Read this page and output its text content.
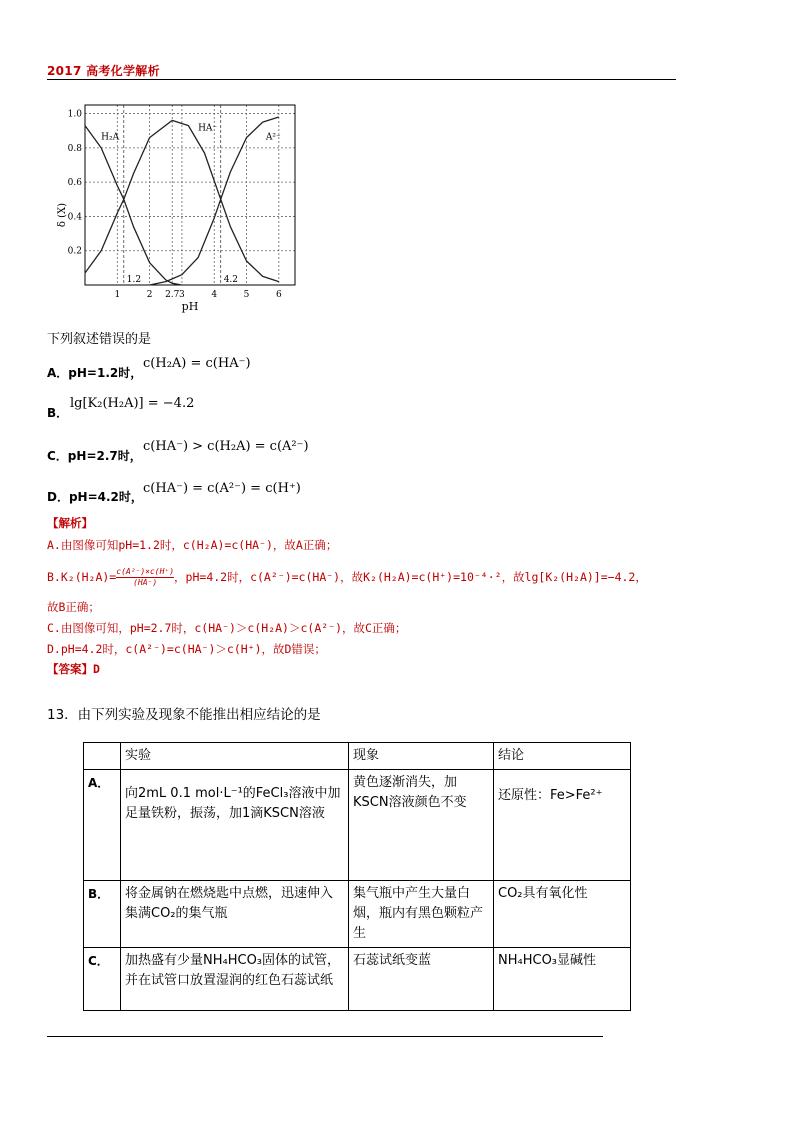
2017 高考化学解析
0.2
0.4
0.6
0.8
1.0
1	2 2.7 3	4	5	6
1.2	4.2
H₂A
HA⁻
A²⁻
pH
δ (X)
下列叙述错误的是
A．pH=1.2时，
c(H₂A) = c(HA⁻)
B．
lg[K₂(H₂A)] = −4.2
C．pH=2.7时，
c(HA⁻) > c(H₂A) = c(A²⁻)
D．pH=4.2时，
c(HA⁻) = c(A²⁻) = c(H⁺)
【解析】
A.由图像可知pH=1.2时，c(H₂A)=c(HA⁻)，故A正确；
$B.K_2(H_2A)= \frac{\text{c(A²⁻)×c(H⁺)}}{(HA^-)}$ ，pH=4.2时，c(A²⁻)=c(HA⁻)，故K₂(H₂A)=c(H⁺)=10⁻⁴·²，故lg[K₂(H₂A)]=−4.2，
故B正确；
C.由图像可知，pH=2.7时，c(HA⁻)＞c(H₂A)＞c(A²⁻)，故C正确；
D.pH=4.2时，c(A²⁻)=c(HA⁻)＞c(H⁺)，故D错误；
【答案】D
13．由下列实验及现象不能推出相应结论的是
	实验	现象	结论
A．	向2mL 0.1 mol·L⁻¹的FeCl₃溶液中加足量铁粉，振荡，加1滴KSCN溶液	黄色逐渐消失，加KSCN溶液颜色不变	还原性：Fe>Fe²⁺
B．	将金属钠在燃烧匙中点燃，迅速伸入集满CO₂的集气瓶	集气瓶中产生大量白烟，瓶内有黑色颗粒产生	CO₂具有氧化性
C．	加热盛有少量NH₄HCO₃固体的试管，并在试管口放置湿润的红色石蕊试纸	石蕊试纸变蓝	NH₄HCO₃显碱性
